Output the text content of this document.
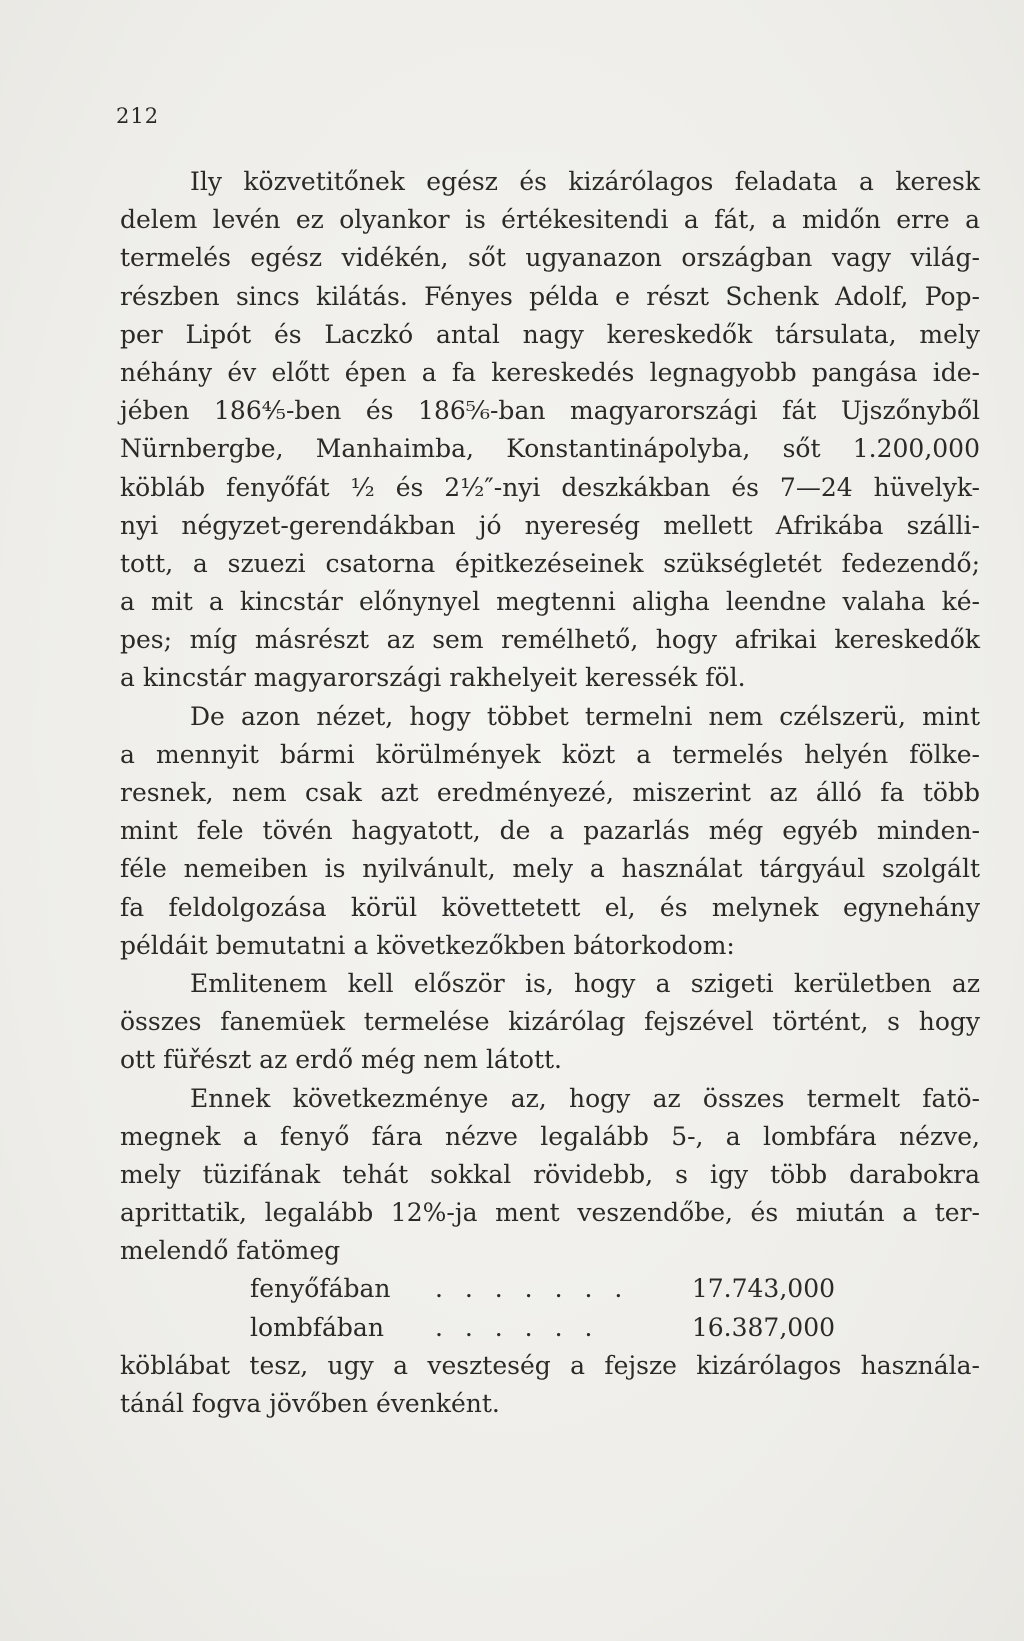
212
Ily közvetitőnek egész és kizárólagos feladata a keresk
delem levén ez olyankor is értékesitendi a fát, a midőn erre a
termelés egész vidékén, sőt ugyanazon országban vagy világ-
részben sincs kilátás. Fényes példa e részt Schenk Adolf, Pop-
per Lipót és Laczkó antal nagy kereskedők társulata, mely
néhány év előtt épen a fa kereskedés legnagyobb pangása ide-
jében 186⁴⁄₅-ben és 186⁵⁄₆-ban magyarországi fát Ujszőnyből
Nürnbergbe, Manhaimba, Konstantinápolyba, sőt 1.200,000
köbláb fenyőfát ¹⁄₂ és 2¹⁄₂″-nyi deszkákban és 7—24 hüvelyk-
nyi négyzet-gerendákban jó nyereség mellett Afrikába szálli-
tott, a szuezi csatorna épitkezéseinek szükségletét fedezendő;
a mit a kincstár előnynyel megtenni aligha leendne valaha ké-
pes; míg másrészt az sem remélhető, hogy afrikai kereskedők
a kincstár magyarországi rakhelyeit keressék föl.
De azon nézet, hogy többet termelni nem czélszerü, mint
a mennyit bármi körülmények közt a termelés helyén fölke-
resnek, nem csak azt eredményezé, miszerint az álló fa több
mint fele tövén hagyatott, de a pazarlás még egyéb minden-
féle nemeiben is nyilvánult, mely a használat tárgyául szolgált
fa feldolgozása körül követtetett el, és melynek egynehány
példáit bemutatni a következőkben bátorkodom:
Emlitenem kell először is, hogy a szigeti kerületben az
összes fanemüek termelése kizárólag fejszével történt, s hogy
ott füřészt az erdő még nem látott.
Ennek következménye az, hogy az összes termelt fatö-
megnek a fenyő fára nézve legalább 5-, a lombfára nézve,
mely tüzifának tehát sokkal rövidebb, s igy több darabokra
aprittatik, legalább 12%-ja ment veszendőbe, és miután a ter-
melendő fatömeg
fenyőfában	. . . . . . .	17.743,000
lombfában	. . . . . .	16.387,000
köblábat tesz, ugy a veszteség a fejsze kizárólagos használa-
tánál fogva jövőben évenként.
